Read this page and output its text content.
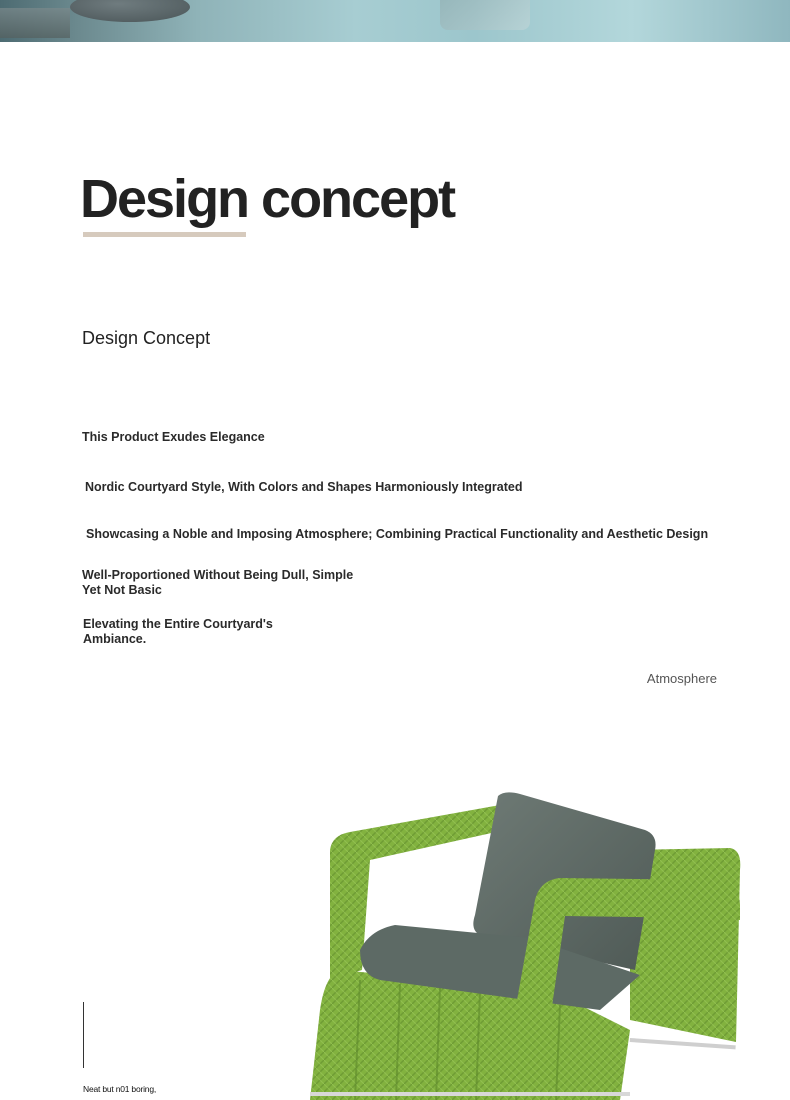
Design concept
Design Concept
This Product Exudes Elegance
Nordic Courtyard Style, With Colors and Shapes Harmoniously Integrated
Showcasing a Noble and Imposing Atmosphere; Combining Practical Functionality and Aesthetic Design
Well-Proportioned Without Being Dull, Simple Yet Not Basic
Elevating the Entire Courtyard's Ambiance.
Atmosphere
Neat but n01 boring,
